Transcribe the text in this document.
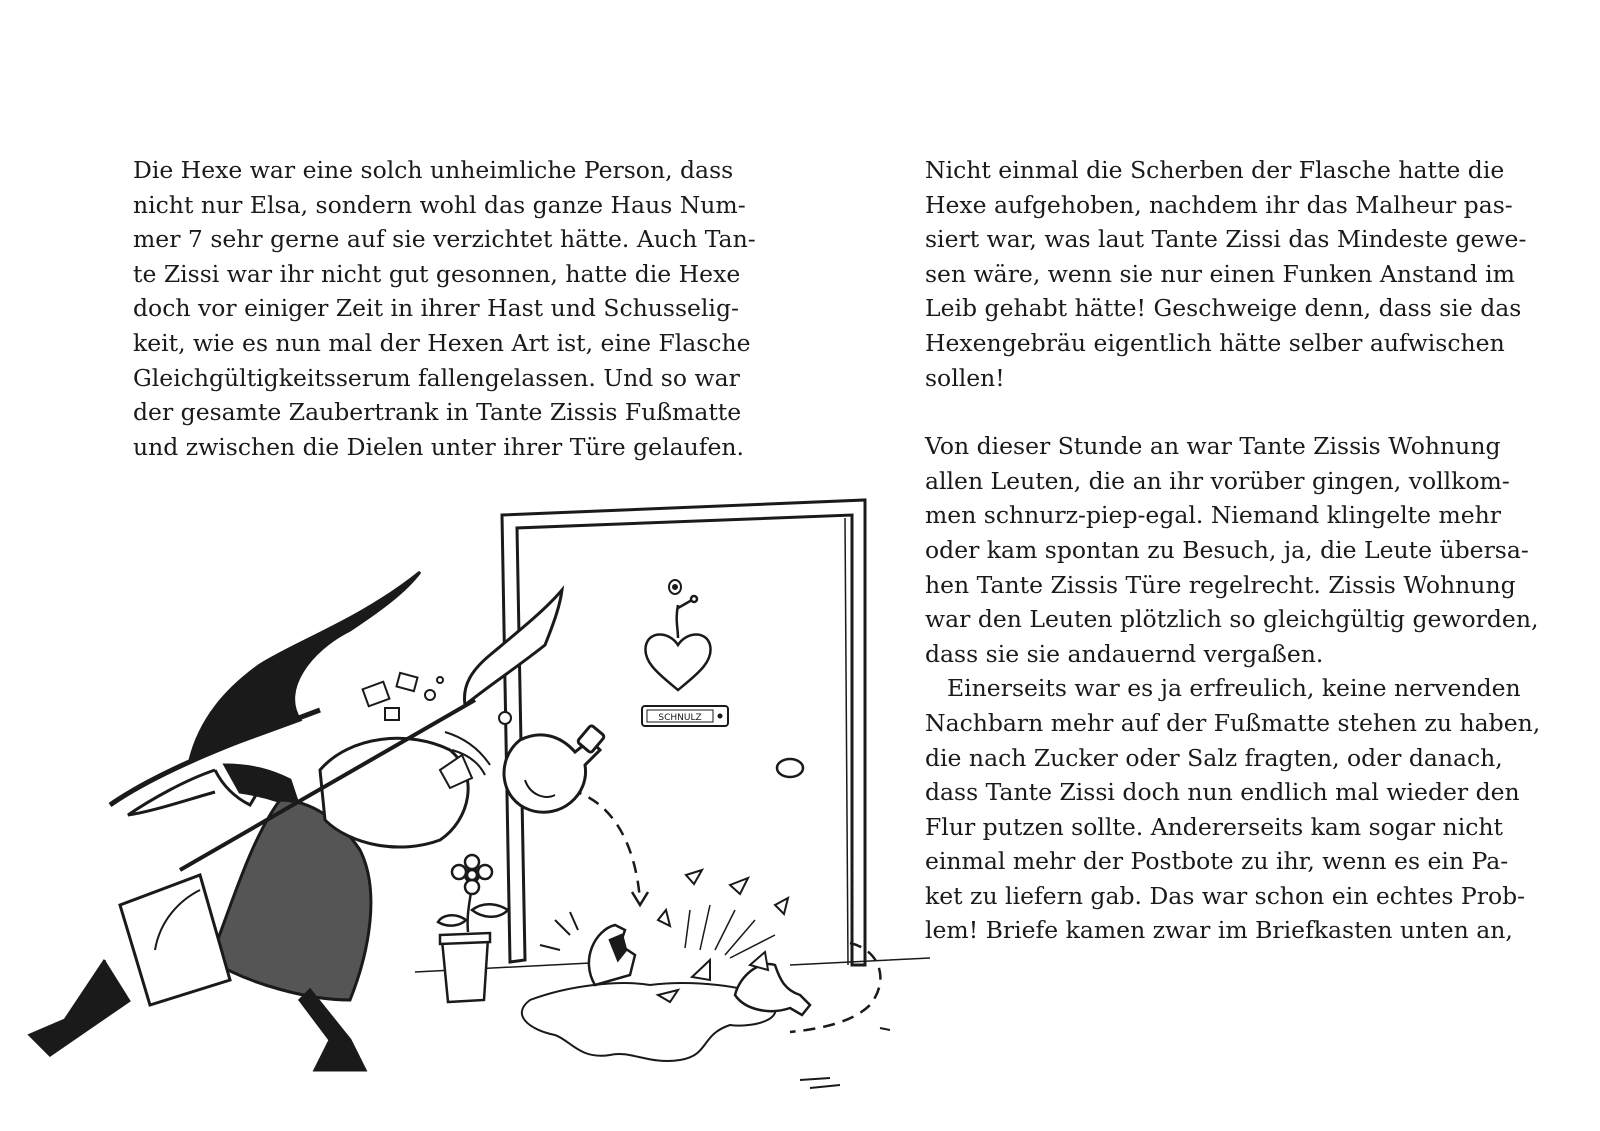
Die Hexe war eine solch unheimliche Person, dass
nicht nur Elsa, sondern wohl das ganze Haus Num-
mer 7 sehr gerne auf sie verzichtet hätte. Auch Tan-
te Zissi war ihr nicht gut gesonnen, hatte die Hexe
doch vor einiger Zeit in ihrer Hast und Schusselig-
keit, wie es nun mal der Hexen Art ist, eine Flasche
Gleichgültigkeitsserum fallengelassen. Und so war
der gesamte Zaubertrank in Tante Zissis Fußmatte
und zwischen die Dielen unter ihrer Türe gelaufen.

Nicht einmal die Scherben der Flasche hatte die
Hexe aufgehoben, nachdem ihr das Malheur pas-
siert war, was laut Tante Zissi das Mindeste gewe-
sen wäre, wenn sie nur einen Funken Anstand im
Leib gehabt hätte! Geschweige denn, dass sie das
Hexengebräu eigentlich hätte selber aufwischen
sollen!

Von dieser Stunde an war Tante Zissis Wohnung
allen Leuten, die an ihr vorüber gingen, vollkom-
men schnurz-piep-egal. Niemand klingelte mehr
oder kam spontan zu Besuch, ja, die Leute übersa-
hen Tante Zissis Türe regelrecht. Zissis Wohnung
war den Leuten plötzlich so gleichgültig geworden,
dass sie sie andauernd vergaßen.

Einerseits war es ja erfreulich, keine nervenden
Nachbarn mehr auf der Fußmatte stehen zu haben,
die nach Zucker oder Salz fragten, oder danach,
dass Tante Zissi doch nun endlich mal wieder den
Flur putzen sollte. Andererseits kam sogar nicht
einmal mehr der Postbote zu ihr, wenn es ein Pa-
ket zu liefern gab. Das war schon ein echtes Prob-
lem! Briefe kamen zwar im Briefkasten unten an,

SCHNULZ
